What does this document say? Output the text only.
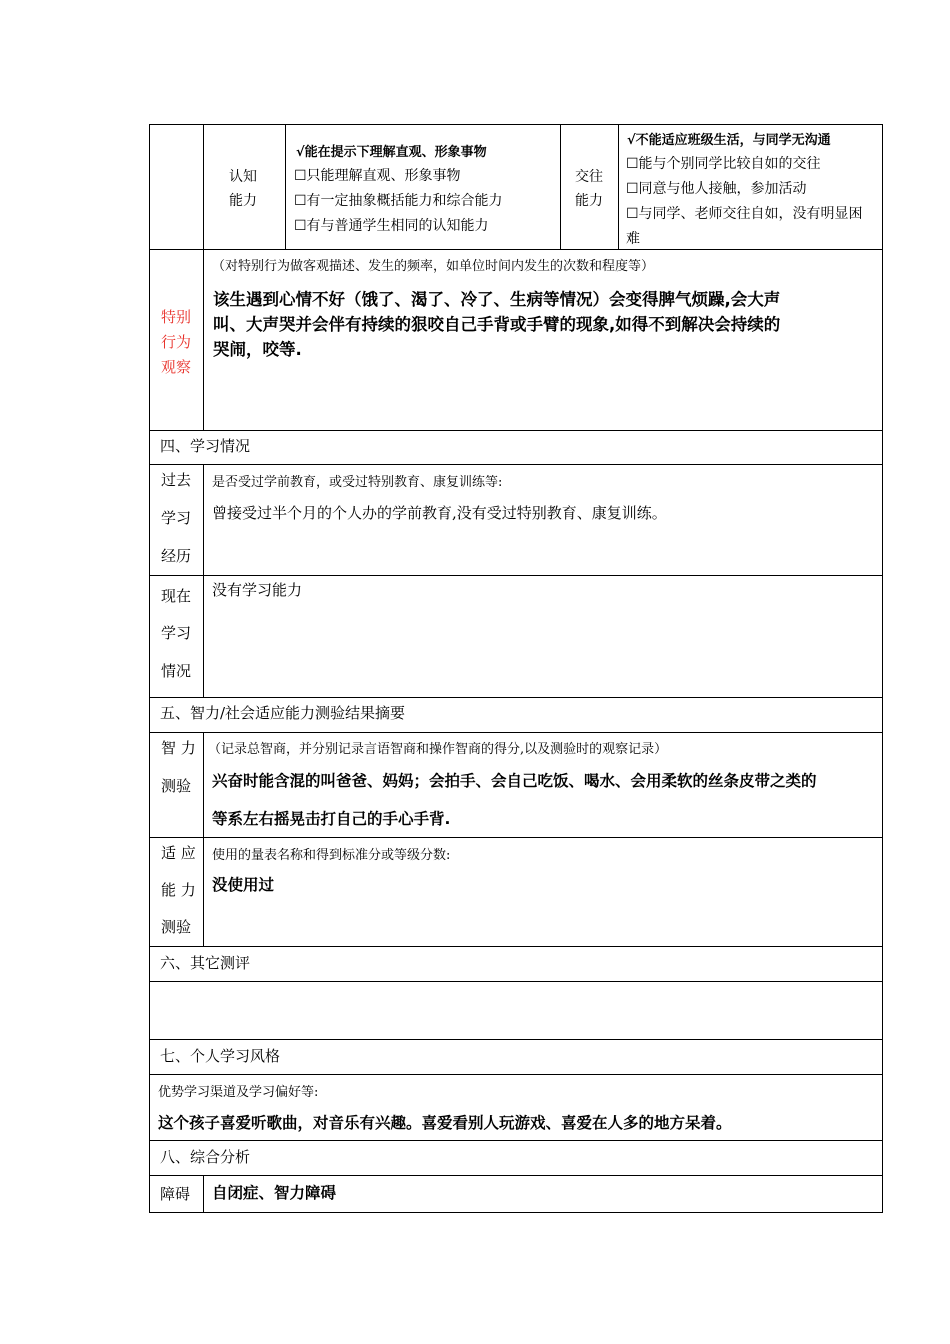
认知
能力
√能在提示下理解直观、形象事物
☐只能理解直观、形象事物
☐有一定抽象概括能力和综合能力
☐有与普通学生相同的认知能力
交往
能力
√不能适应班级生活，与同学无沟通
☐能与个别同学比较自如的交往
☐同意与他人接触，参加活动
☐与同学、老师交往自如，没有明显困
难
特别
行为
观察
（对特别行为做客观描述、发生的频率，如单位时间内发生的次数和程度等）
该生遇到心情不好（饿了、渴了、冷了、生病等情况）会变得脾气烦躁,会大声
叫、大声哭并会伴有持续的狠咬自己手背或手臂的现象,如得不到解决会持续的
哭闹，咬等.
四、学习情况
过去
学习
经历
是否受过学前教育，或受过特别教育、康复训练等:
曾接受过半个月的个人办的学前教育,没有受过特别教育、康复训练。
现在
学习
情况
没有学习能力
五、智力/社会适应能力测验结果摘要
智 力
测验
（记录总智商，并分别记录言语智商和操作智商的得分,以及测验时的观察记录）
兴奋时能含混的叫爸爸、妈妈；会拍手、会自己吃饭、喝水、会用柔软的丝条皮带之类的
等系左右摇晃击打自己的手心手背.
适 应
能 力
测验
使用的量表名称和得到标准分或等级分数:
没使用过
六、其它测评
七、个人学习风格
优势学习渠道及学习偏好等:
这个孩子喜爱听歌曲，对音乐有兴趣。喜爱看别人玩游戏、喜爱在人多的地方呆着。
八、综合分析
障碍 自闭症、智力障碍
